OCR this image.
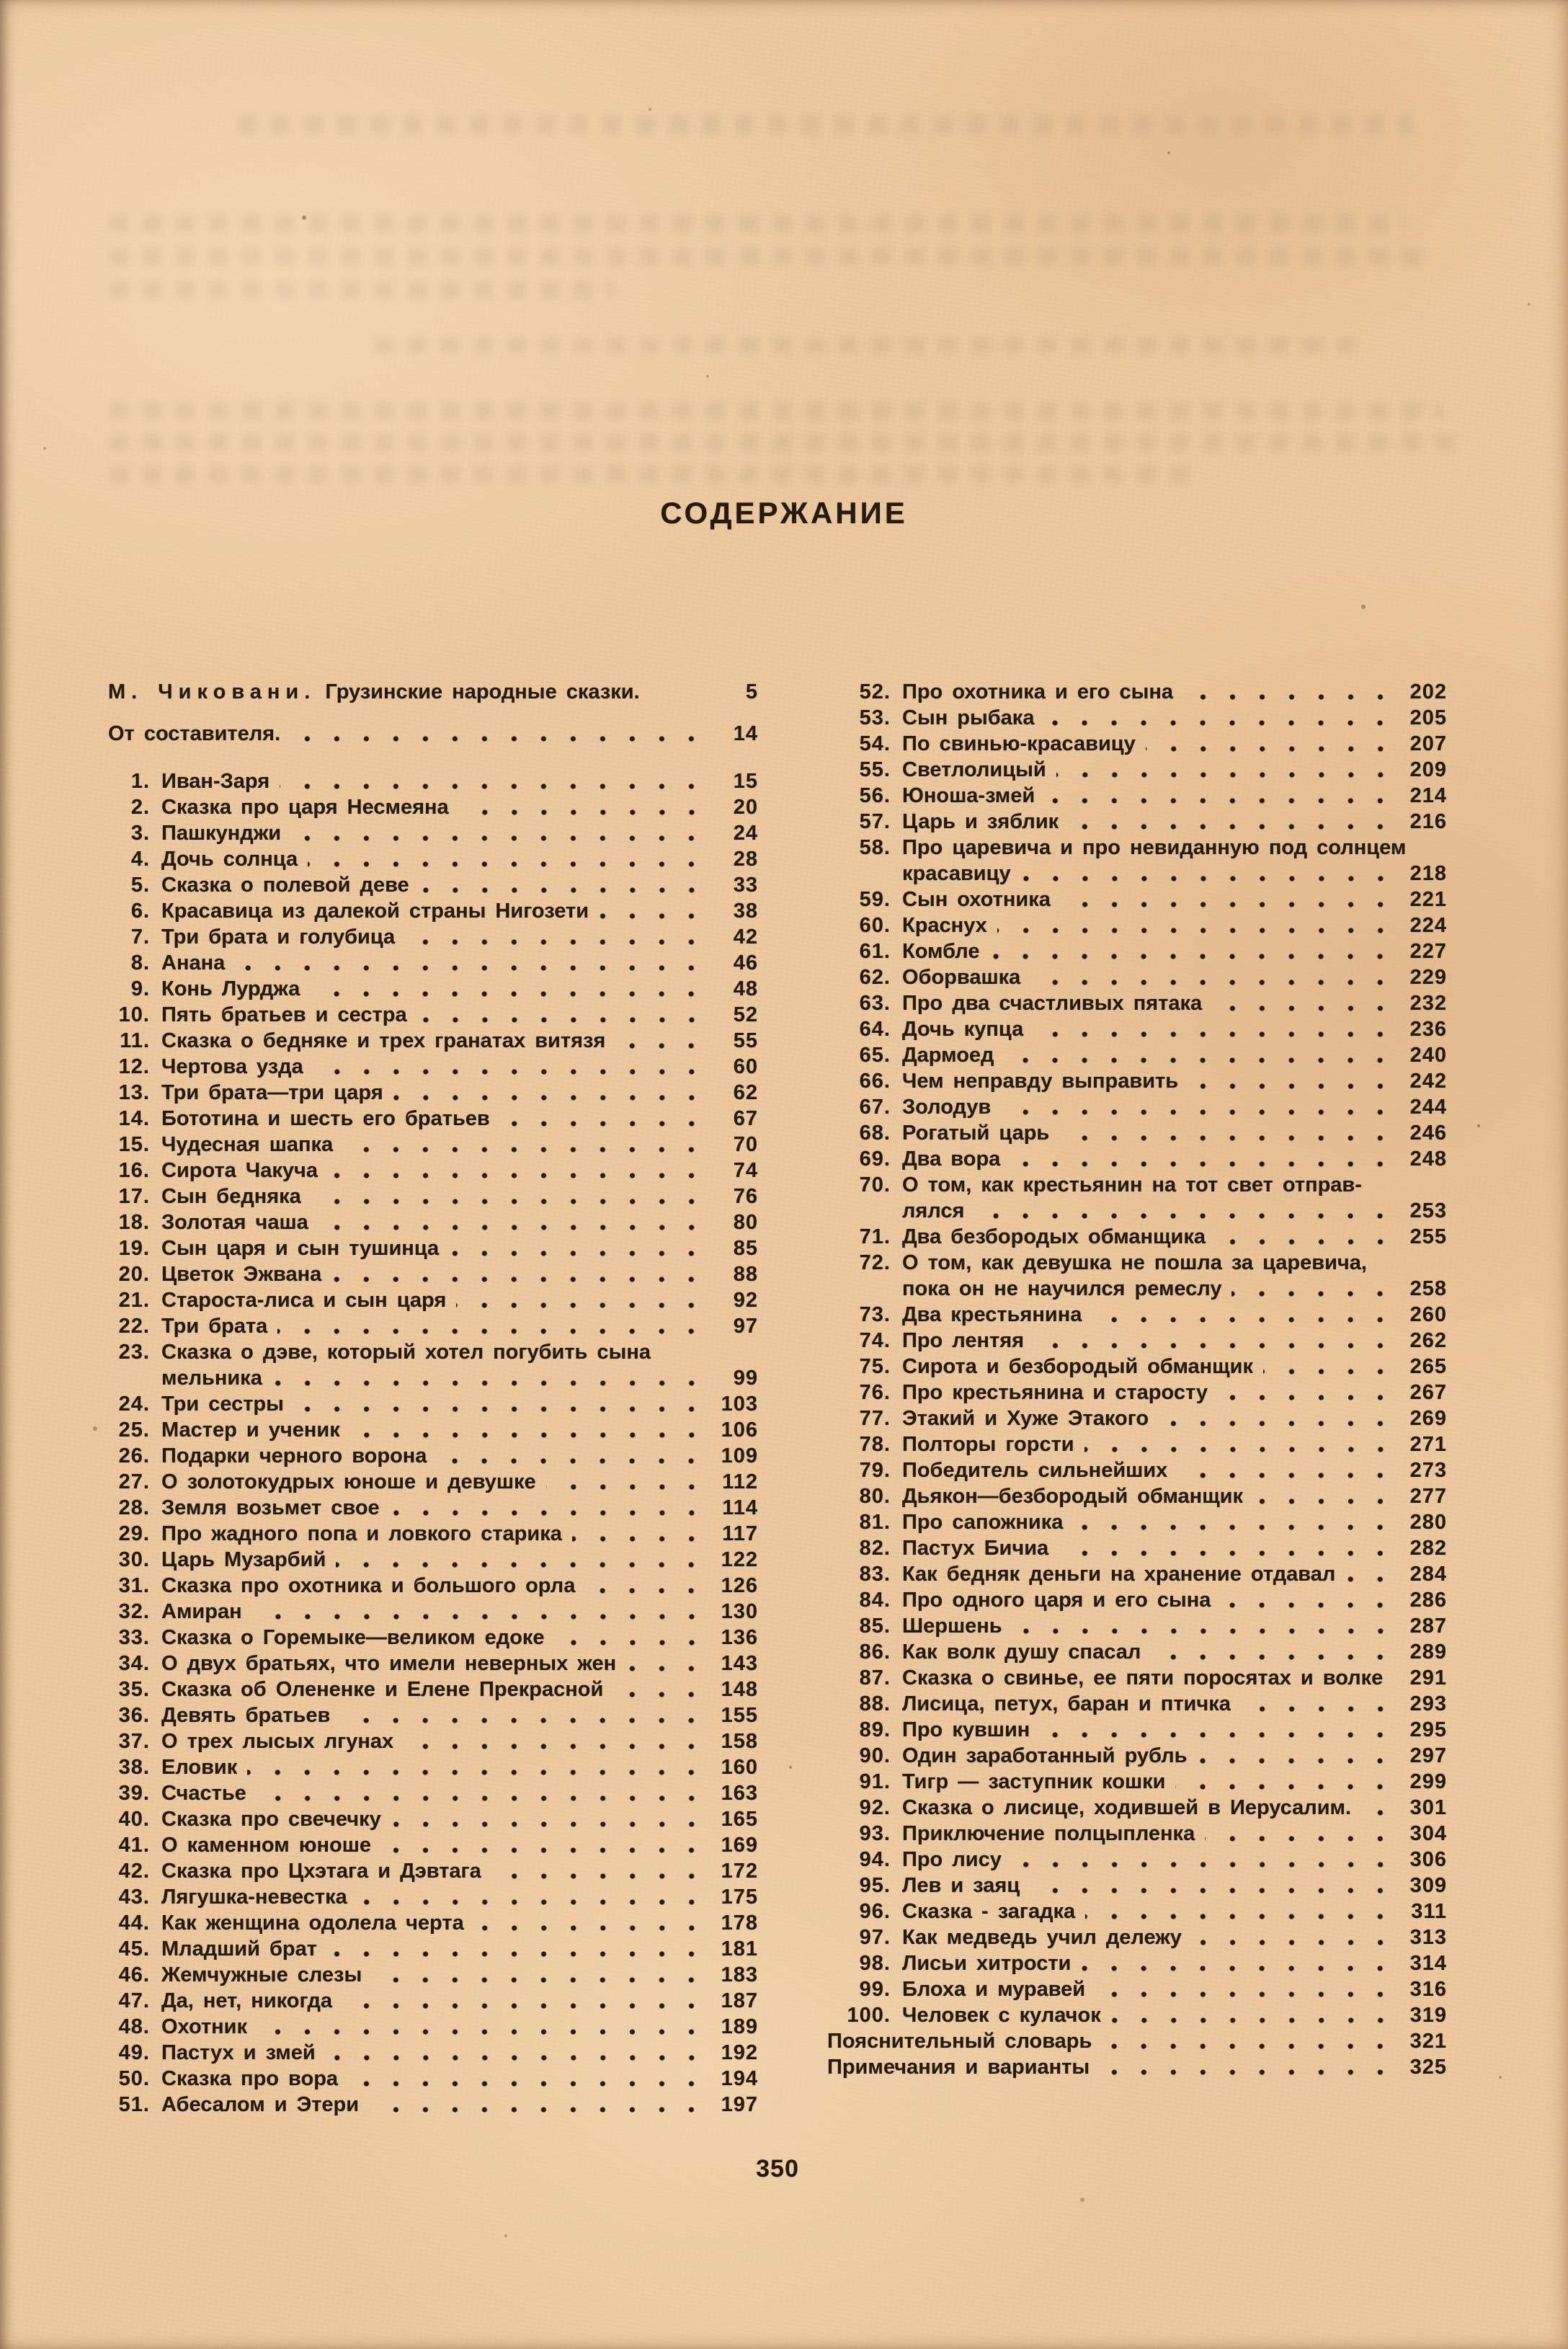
СОДЕРЖАНИЕ
М. Чиковани. Грузинские народные сказки.	5
От составителя.	14
1. Иван-Заря	15
2. Сказка про царя Несмеяна	20
3. Пашкунджи	24
4. Дочь солнца	28
5. Сказка о полевой деве	33
6. Красавица из далекой страны Нигозети	38
7. Три брата и голубица	42
8. Анана	46
9. Конь Лурджа	48
10. Пять братьев и сестра	52
11. Сказка о бедняке и трех гранатах витязя	55
12. Чертова узда	60
13. Три брата—три царя	62
14. Бототина и шесть его братьев	67
15. Чудесная шапка	70
16. Сирота Чакуча	74
17. Сын бедняка	76
18. Золотая чаша	80
19. Сын царя и сын тушинца	85
20. Цветок Эжвана	88
21. Староста-лиса и сын царя	92
22. Три брата	97
23. Сказка о дэве, который хотел погубить сына
мельника	99
24. Три сестры	103
25. Мастер и ученик	106
26. Подарки черного ворона	109
27. О золотокудрых юноше и девушке	112
28. Земля возьмет свое	114
29. Про жадного попа и ловкого старика	117
30. Царь Музарбий	122
31. Сказка про охотника и большого орла	126
32. Амиран	130
33. Сказка о Горемыке—великом едоке	136
34. О двух братьях, что имели неверных жен	143
35. Сказка об Олененке и Елене Прекрасной	148
36. Девять братьев	155
37. О трех лысых лгунах	158
38. Еловик	160
39. Счастье	163
40. Сказка про свечечку	165
41. О каменном юноше	169
42. Сказка про Цхэтага и Дэвтага	172
43. Лягушка-невестка	175
44. Как женщина одолела черта	178
45. Младший брат	181
46. Жемчужные слезы	183
47. Да, нет, никогда	187
48. Охотник	189
49. Пастух и змей	192
50. Сказка про вора	194
51. Абесалом и Этери	197
52. Про охотника и его сына	202
53. Сын рыбака	205
54. По свинью-красавицу	207
55. Светлолицый	209
56. Юноша-змей	214
57. Царь и зяблик	216
58. Про царевича и про невиданную под солнцем
красавицу	218
59. Сын охотника	221
60. Краснух	224
61. Комбле	227
62. Оборвашка	229
63. Про два счастливых пятака	232
64. Дочь купца	236
65. Дармоед	240
66. Чем неправду выправить	242
67. Золодув	244
68. Рогатый царь	246
69. Два вора	248
70. О том, как крестьянин на тот свет отправ-
лялся	253
71. Два безбородых обманщика	255
72. О том, как девушка не пошла за царевича,
пока он не научился ремеслу	258
73. Два крестьянина	260
74. Про лентяя	262
75. Сирота и безбородый обманщик	265
76. Про крестьянина и старосту	267
77. Этакий и Хуже Этакого	269
78. Полторы горсти	271
79. Победитель сильнейших	273
80. Дьякон—безбородый обманщик	277
81. Про сапожника	280
82. Пастух Бичиа	282
83. Как бедняк деньги на хранение отдавал	284
84. Про одного царя и его сына	286
85. Шершень	287
86. Как волк душу спасал	289
87. Сказка о свинье, ее пяти поросятах и волке	291
88. Лисица, петух, баран и птичка	293
89. Про кувшин	295
90. Один заработанный рубль	297
91. Тигр — заступник кошки	299
92. Сказка о лисице, ходившей в Иерусалим.	301
93. Приключение полцыпленка	304
94. Про лису	306
95. Лев и заяц	309
96. Сказка - загадка	311
97. Как медведь учил дележу	313
98. Лисьи хитрости	314
99. Блоха и муравей	316
100. Человек с кулачок	319
Пояснительный словарь	321
Примечания и варианты	325
350
